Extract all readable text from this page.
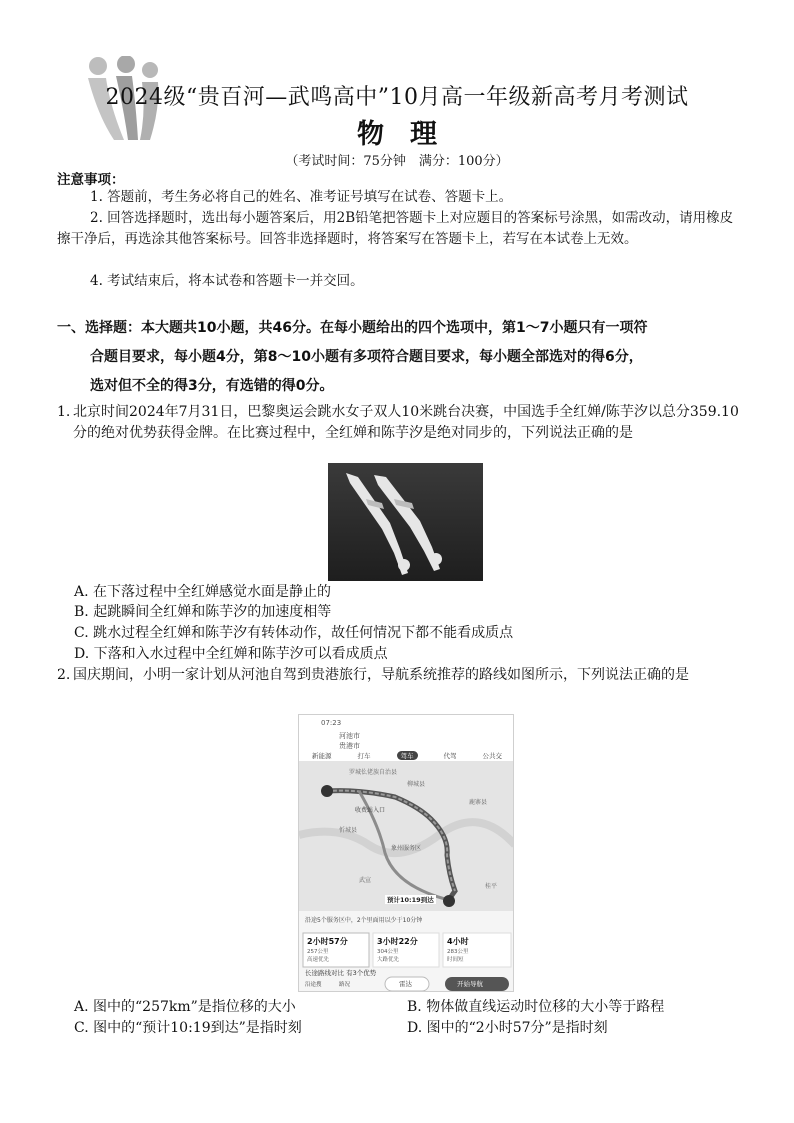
2024级“贵百河—武鸣高中”10月高一年级新高考月考测试
物理
（考试时间：75分钟　满分：100分）
注意事项：
1. 答题前，考生务必将自己的姓名、准考证号填写在试卷、答题卡上。
2. 回答选择题时，选出每小题答案后，用2B铅笔把答题卡上对应题目的答案标号涂黑，如需改动，请用橡皮擦干净后，再选涂其他答案标号。回答非选择题时，将答案写在答题卡上，若写在本试卷上无效。
4. 考试结束后，将本试卷和答题卡一并交回。
一、选择题：本大题共10小题，共46分。在每小题给出的四个选项中，第1～7小题只有一项符
合题目要求，每小题4分，第8～10小题有多项符合题目要求，每小题全部选对的得6分，
选对但不全的得3分，有选错的得0分。
1. 北京时间2024年7月31日，巴黎奥运会跳水女子双人10米跳台决赛，中国选手全红婵/陈芋汐以总分359.10分的绝对优势获得金牌。在比赛过程中，全红婵和陈芋汐是绝对同步的，下列说法正确的是
A. 在下落过程中全红婵感觉水面是静止的
B. 起跳瞬间全红婵和陈芋汐的加速度相等
C. 跳水过程全红婵和陈芋汐有转体动作，故任何情况下都不能看成质点
D. 下落和入水过程中全红婵和陈芋汐可以看成质点
2. 国庆期间，小明一家计划从河池自驾到贵港旅行，导航系统推荐的路线如图所示，下列说法正确的是
07:23
河池市
贵港市
新能源	打车	驾车	代驾	公共交
罗城仫佬族自治县
柳城县
鹿寨县
忻城县
象州服务区
武宣
桂平
收费站入口
预计10:19到达
沿途5个服务区中，2个里面用以少于10分钟
2小时57分
257公里
高速优先
3小时22分
304公里
大路优先
4小时
283公里
时间短
长途路线对比 有3个优势
沿途搜	路况	雷达	开始导航
A. 图中的“257km”是指位移的大小	B. 物体做直线运动时位移的大小等于路程
C. 图中的“预计10:19到达”是指时刻	D. 图中的“2小时57分”是指时刻
